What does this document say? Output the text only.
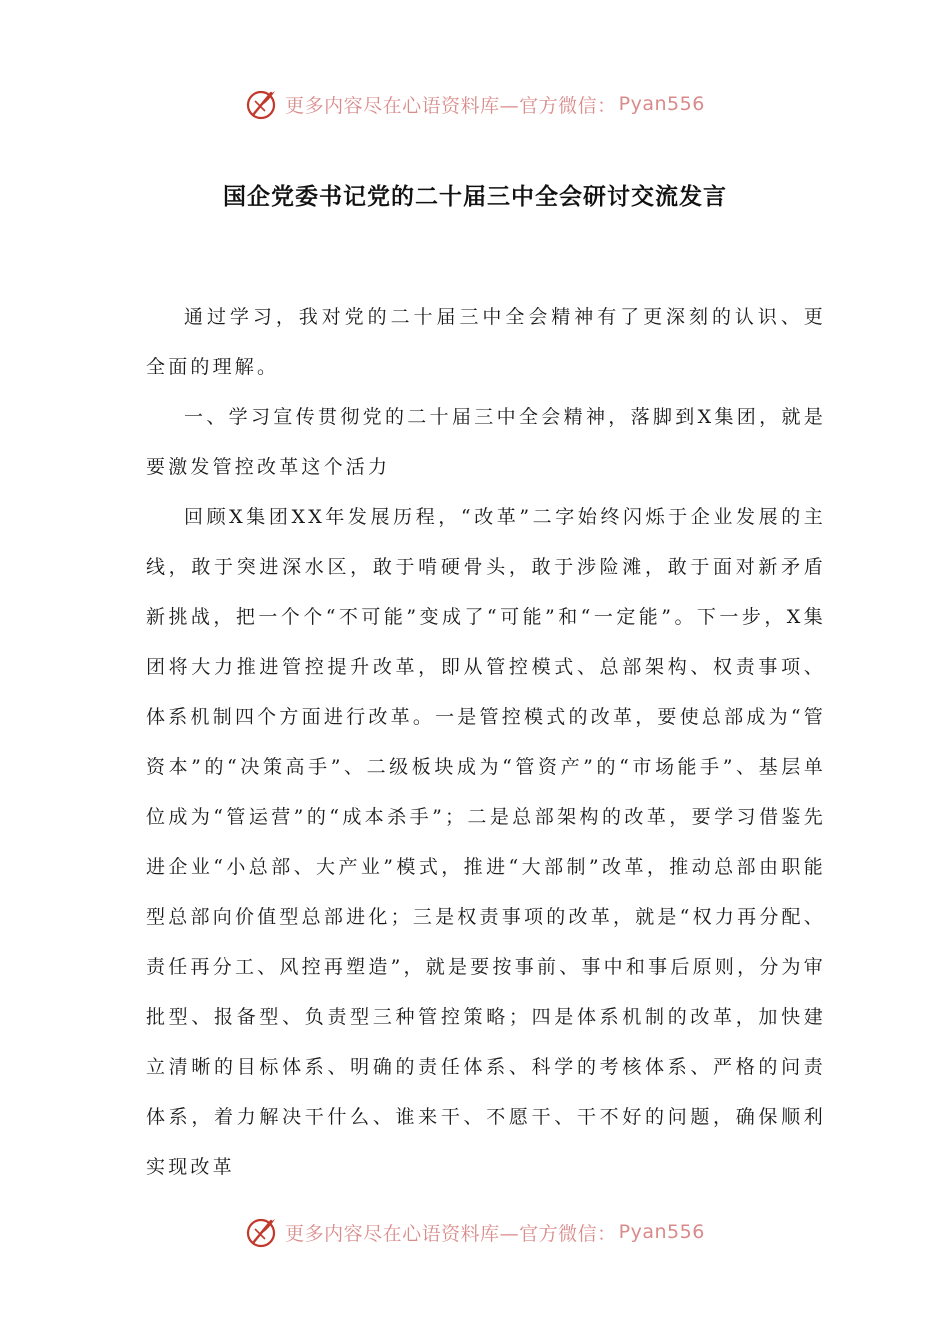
更多内容尽在心语资料库—官方微信： Pyan556
国企党委书记党的二十届三中全会研讨交流发言

通过学习，我对党的二十届三中全会精神有了更深刻的认识、更全面的理解。

一、学习宣传贯彻党的二十届三中全会精神，落脚到X集团，就是要激发管控改革这个活力

回顾X集团XX年发展历程，“改革”二字始终闪烁于企业发展的主线，敢于突进深水区，敢于啃硬骨头，敢于涉险滩，敢于面对新矛盾新挑战，把一个个“不可能”变成了“可能”和“一定能”。下一步，X集团将大力推进管控提升改革，即从管控模式、总部架构、权责事项、体系机制四个方面进行改革。一是管控模式的改革，要使总部成为“管资本”的“决策高手”、二级板块成为“管资产”的“市场能手”、基层单位成为“管运营”的“成本杀手”；二是总部架构的改革，要学习借鉴先进企业“小总部、大产业”模式，推进“大部制”改革，推动总部由职能型总部向价值型总部进化；三是权责事项的改革，就是“权力再分配、责任再分工、风控再塑造”，就是要按事前、事中和事后原则，分为审批型、报备型、负责型三种管控策略；四是体系机制的改革，加快建立清晰的目标体系、明确的责任体系、科学的考核体系、严格的问责体系，着力解决干什么、谁来干、不愿干、干不好的问题，确保顺利实现改革

更多内容尽在心语资料库—官方微信： Pyan556
